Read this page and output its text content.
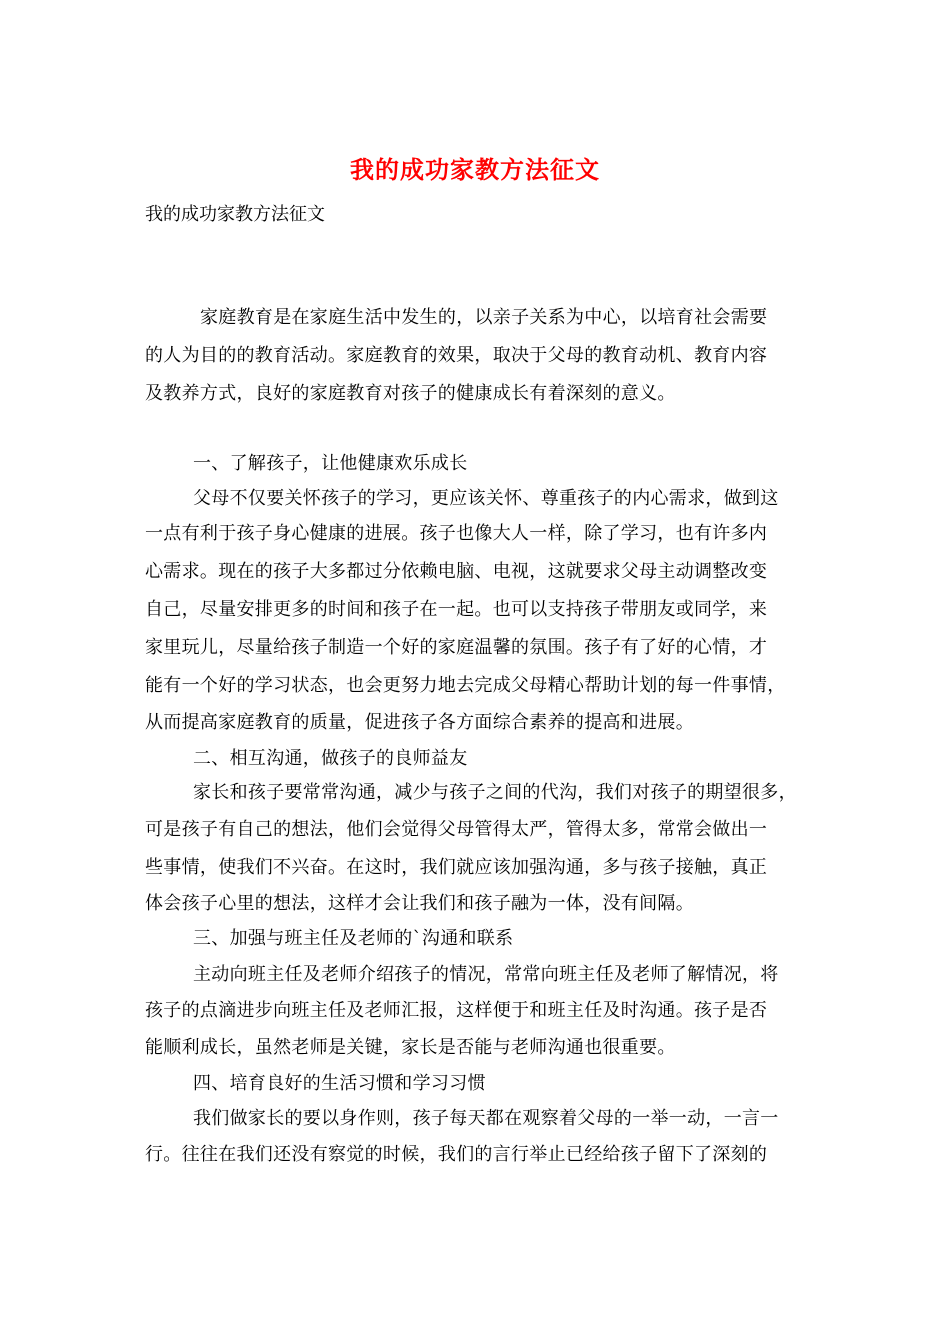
我的成功家教方法征文
我的成功家教方法征文
家庭教育是在家庭生活中发生的，以亲子关系为中心，以培育社会需要
的人为目的的教育活动。家庭教育的效果，取决于父母的教育动机、教育内容
及教养方式，良好的家庭教育对孩子的健康成长有着深刻的意义。
一、了解孩子，让他健康欢乐成长
父母不仅要关怀孩子的学习，更应该关怀、尊重孩子的内心需求，做到这
一点有利于孩子身心健康的进展。孩子也像大人一样，除了学习，也有许多内
心需求。现在的孩子大多都过分依赖电脑、电视，这就要求父母主动调整改变
自己，尽量安排更多的时间和孩子在一起。也可以支持孩子带朋友或同学，来
家里玩儿，尽量给孩子制造一个好的家庭温馨的氛围。孩子有了好的心情，才
能有一个好的学习状态，也会更努力地去完成父母精心帮助计划的每一件事情，
从而提高家庭教育的质量，促进孩子各方面综合素养的提高和进展。
二、相互沟通，做孩子的良师益友
家长和孩子要常常沟通，减少与孩子之间的代沟，我们对孩子的期望很多，
可是孩子有自己的想法，他们会觉得父母管得太严，管得太多，常常会做出一
些事情，使我们不兴奋。在这时，我们就应该加强沟通，多与孩子接触，真正
体会孩子心里的想法，这样才会让我们和孩子融为一体，没有间隔。
三、加强与班主任及老师的`沟通和联系
主动向班主任及老师介绍孩子的情况，常常向班主任及老师了解情况，将
孩子的点滴进步向班主任及老师汇报，这样便于和班主任及时沟通。孩子是否
能顺利成长，虽然老师是关键，家长是否能与老师沟通也很重要。
四、培育良好的生活习惯和学习习惯
我们做家长的要以身作则，孩子每天都在观察着父母的一举一动，一言一
行。往往在我们还没有察觉的时候，我们的言行举止已经给孩子留下了深刻的
